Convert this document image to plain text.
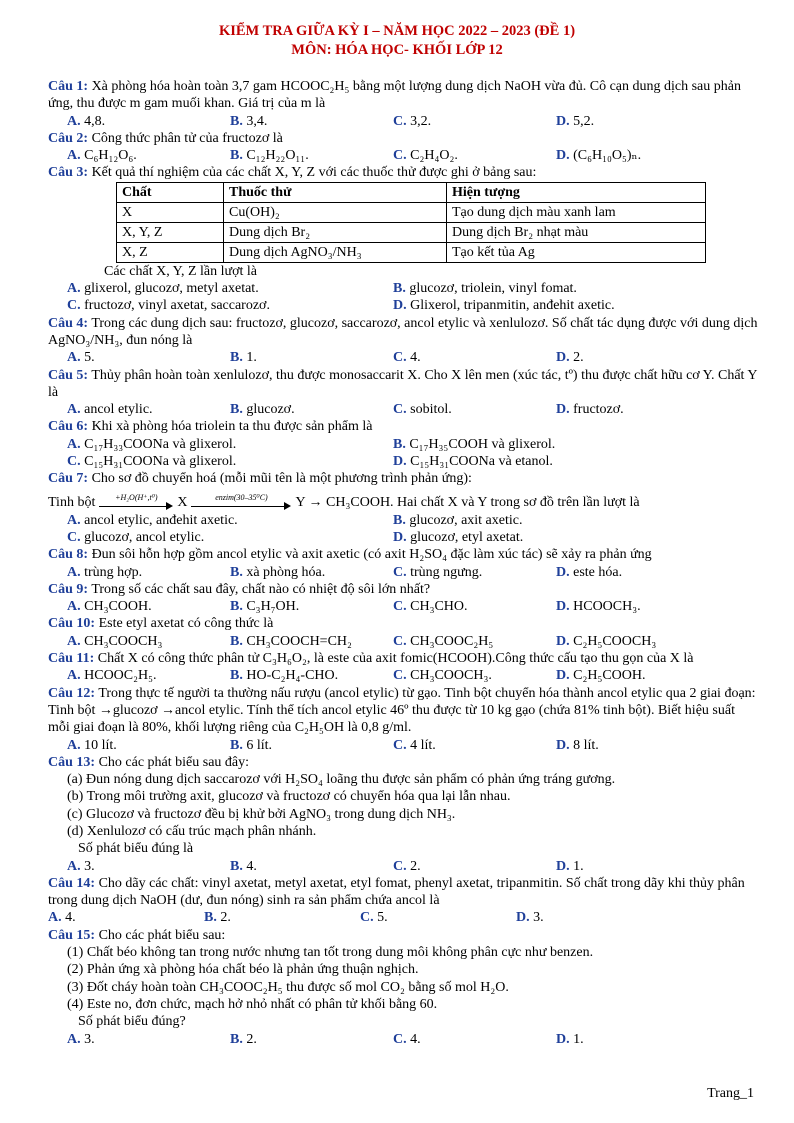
KIỂM TRA GIỮA KỲ I – NĂM HỌC 2022 – 2023 (ĐỀ 1)
MÔN: HÓA HỌC- KHỐI LỚP 12
Câu 1: Xà phòng hóa hoàn toàn 3,7 gam HCOOC₂H₅ bằng một lượng dung dịch NaOH vừa đủ. Cô cạn dung dịch sau phản ứng, thu được m gam muối khan. Giá trị của m là
A. 4,8.	B. 3,4.	C. 3,2.	D. 5,2.
Câu 2: Công thức phân tử của fructozơ là
A. C₆H₁₂O₆.	B. C₁₂H₂₂O₁₁.	C. C₂H₄O₂.	D. (C₆H₁₀O₅)ₙ.
Câu 3: Kết quả thí nghiệm của các chất X, Y, Z với các thuốc thử được ghi ở bảng sau:
Chất	Thuốc thử	Hiện tượng
X	Cu(OH)₂	Tạo dung dịch màu xanh lam
X, Y, Z	Dung dịch Br₂	Dung dịch Br₂ nhạt màu
X, Z	Dung dịch AgNO₃/NH₃	Tạo kết tủa Ag
Các chất X, Y, Z lần lượt là
A. glixerol, glucozơ, metyl axetat.	B. glucozơ, triolein, vinyl fomat.
C. fructozơ, vinyl axetat, saccarozơ.	D. Glixerol, tripanmitin, anđehit axetic.
Câu 4: Trong các dung dịch sau: fructozơ, glucozơ, saccarozơ, ancol etylic và xenlulozơ. Số chất tác dụng được với dung dịch AgNO₃/NH₃, đun nóng là
A. 5.	B. 1.	C. 4.	D. 2.
Câu 5: Thủy phân hoàn toàn xenlulozơ, thu được monosaccarit X. Cho X lên men (xúc tác, tº) thu được chất hữu cơ Y. Chất Y là
A. ancol etylic.	B. glucozơ.	C. sobitol.	D. fructozơ.
Câu 6: Khi xà phòng hóa triolein ta thu được sản phẩm là
A. C₁₇H₃₃COONa và glixerol.	B. C₁₇H₃₅COOH và glixerol.
C. C₁₅H₃₁COONa và glixerol.	D. C₁₅H₃₁COONa và etanol.
Câu 7: Cho sơ đồ chuyển hoá (mỗi mũi tên là một phương trình phản ứng):
Tinh bột	+H₂O(H⁺,t⁰)	X	enzim(30–35⁰C)	Y → CH₃COOH. Hai chất X và Y trong sơ đồ trên lần lượt là
A. ancol etylic, anđehit axetic.	B. glucozơ, axit axetic.
C. glucozơ, ancol etylic.	D. glucozơ, etyl axetat.
Câu 8: Đun sôi hỗn hợp gồm ancol etylic và axit axetic (có axit H₂SO₄ đặc làm xúc tác) sẽ xảy ra phản ứng
A. trùng hợp.	B. xà phòng hóa.	C. trùng ngưng.	D. este hóa.
Câu 9: Trong số các chất sau đây, chất nào có nhiệt độ sôi lớn nhất?
A. CH₃COOH.	B. C₃H₇OH.	C. CH₃CHO.	D. HCOOCH₃.
Câu 10: Este etyl axetat có công thức là
A. CH₃COOCH₃	B. CH₃COOCH=CH₂	C. CH₃COOC₂H₅	D. C₂H₅COOCH₃
Câu 11: Chất X có công thức phân tử C₃H₆O₂, là este của axit fomic(HCOOH).Công thức cấu tạo thu gọn của X là
A. HCOOC₂H₅.	B. HO-C₂H₄-CHO.	C. CH₃COOCH₃.	D. C₂H₅COOH.
Câu 12: Trong thực tế người ta thường nấu rượu (ancol etylic) từ gạo. Tinh bột chuyển hóa thành ancol etylic qua 2 giai đoạn: Tinh bột →glucozơ →ancol etylic. Tính thể tích ancol etylic 46º thu được từ 10 kg gạo (chứa 81% tinh bột). Biết hiệu suất mỗi giai đoạn là 80%, khối lượng riêng của C₂H₅OH là 0,8 g/ml.
A. 10 lít.	B. 6 lít.	C. 4 lít.	D. 8 lít.
Câu 13: Cho các phát biểu sau đây:
(a) Đun nóng dung dịch saccarozơ với H₂SO₄ loãng thu được sản phẩm có phản ứng tráng gương.
(b) Trong môi trường axit, glucozơ và fructozơ có chuyển hóa qua lại lẫn nhau.
(c) Glucozơ và fructozơ đều bị khử bởi AgNO₃ trong dung dịch NH₃.
(d) Xenlulozơ có cấu trúc mạch phân nhánh.
Số phát biểu đúng là
A. 3.	B. 4.	C. 2.	D. 1.
Câu 14: Cho dãy các chất: vinyl axetat, metyl axetat, etyl fomat, phenyl axetat, tripanmitin. Số chất trong dãy khi thủy phân trong dung dịch NaOH (dư, đun nóng) sinh ra sản phẩm chứa ancol là
A. 4.	B. 2.	C. 5.	D. 3.
Câu 15: Cho các phát biểu sau:
(1) Chất béo không tan trong nước nhưng tan tốt trong dung môi không phân cực như benzen.
(2) Phản ứng xà phòng hóa chất béo là phản ứng thuận nghịch.
(3) Đốt cháy hoàn toàn CH₃COOC₂H₅ thu được số mol CO₂ bằng số mol H₂O.
(4) Este no, đơn chức, mạch hở nhỏ nhất có phân tử khối bằng 60.
Số phát biểu đúng?
A. 3.	B. 2.	C. 4.	D. 1.
Trang_1
